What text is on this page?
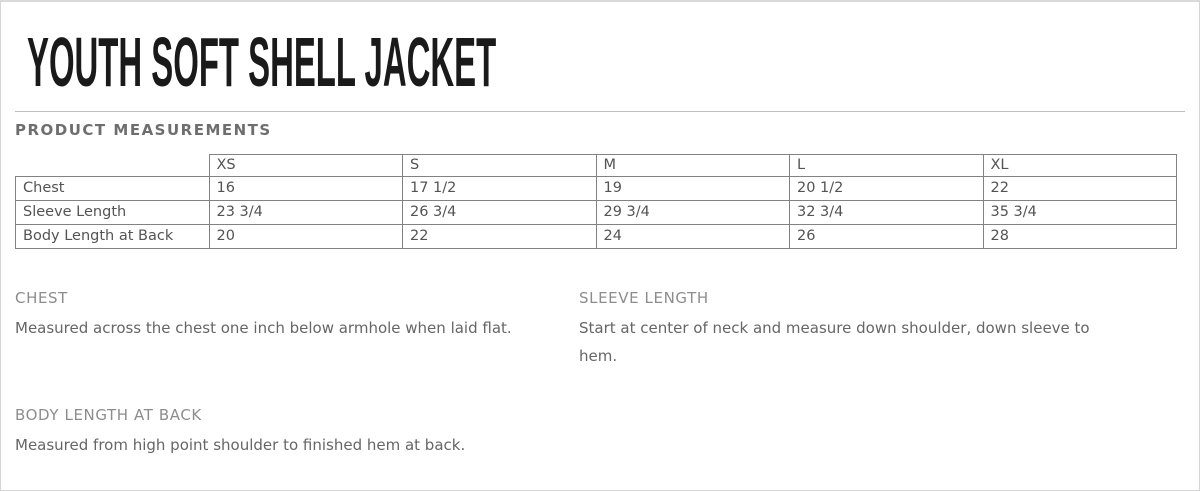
YOUTH SOFT SHELL JACKET
PRODUCT MEASUREMENTS
	XS	S	M	L	XL
Chest	16	17 1/2	19	20 1/2	22
Sleeve Length	23 3/4	26 3/4	29 3/4	32 3/4	35 3/4
Body Length at Back	20	22	24	26	28
CHEST

Measured across the chest one inch below armhole when laid flat.

SLEEVE LENGTH

Start at center of neck and measure down shoulder, down sleeve to hem.

BODY LENGTH AT BACK

Measured from high point shoulder to finished hem at back.
